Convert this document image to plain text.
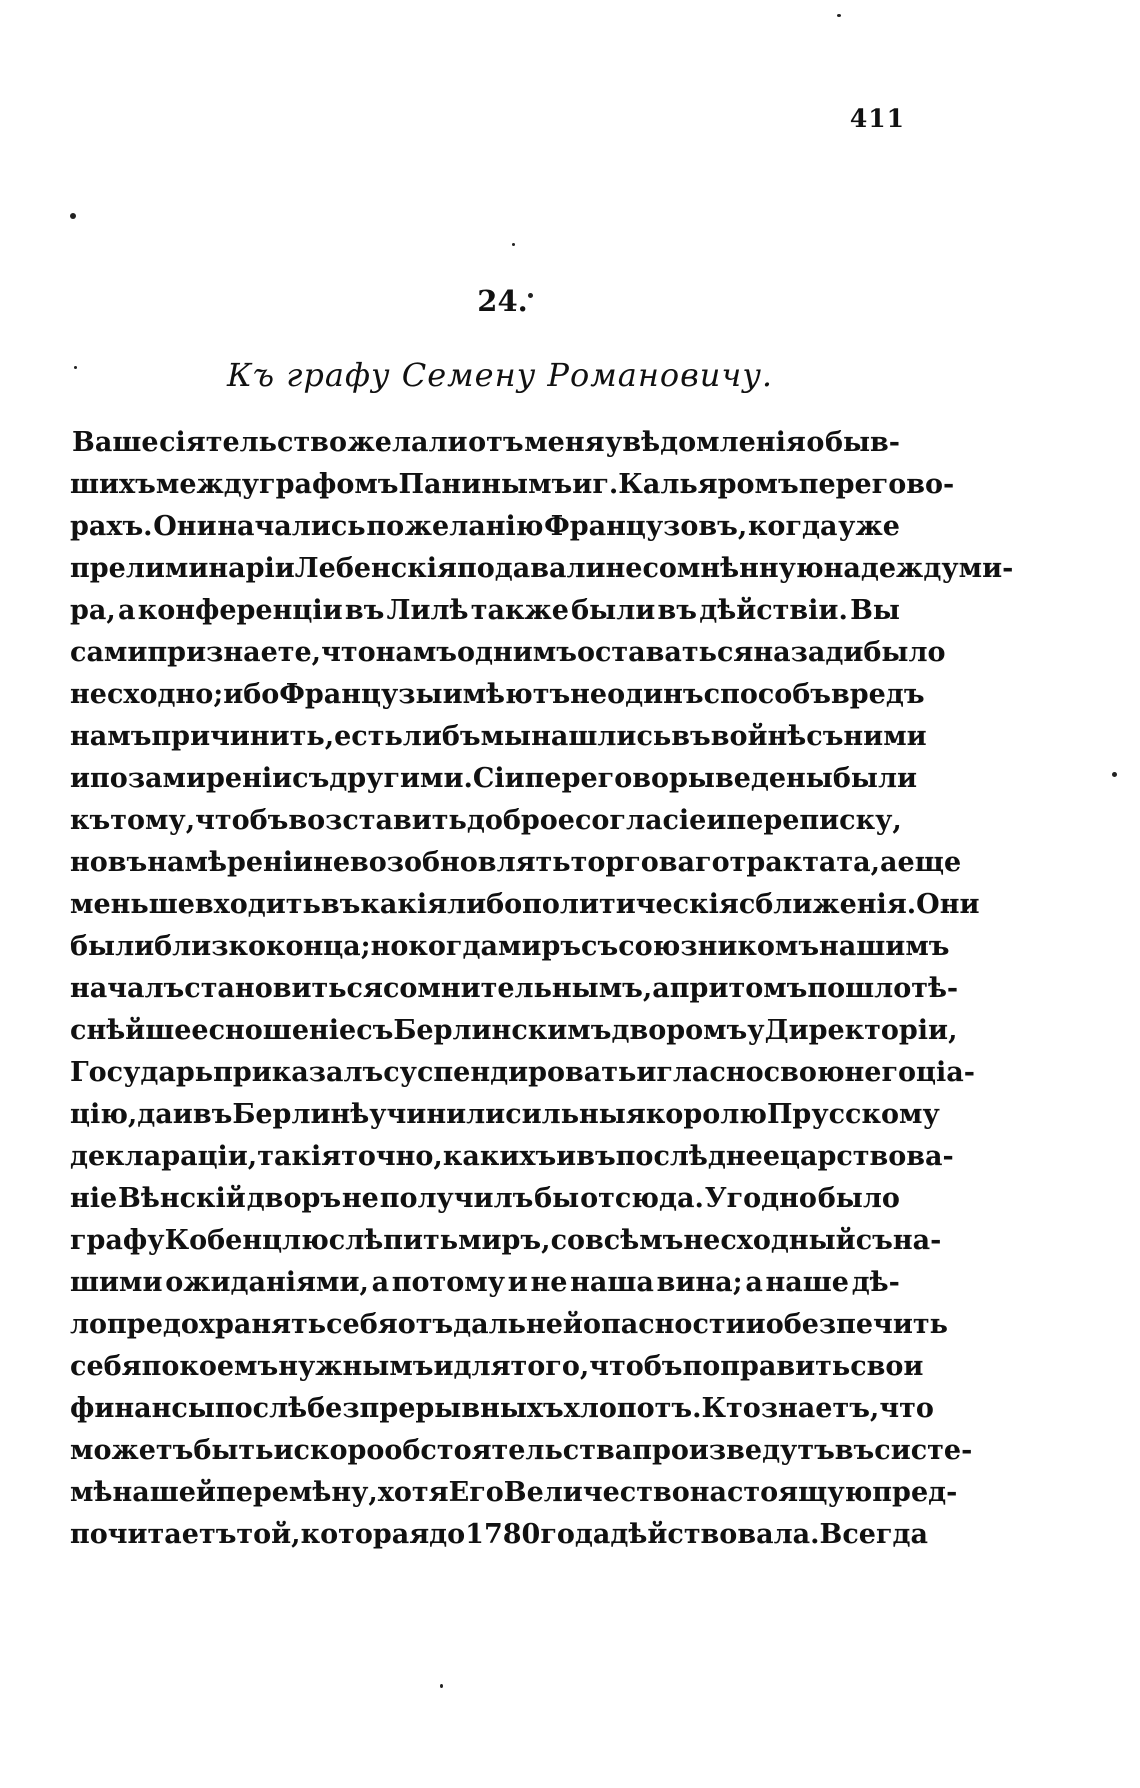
411
24.
Къ графу Семену Романовичу.
Ваше сіятельство желали отъ меня увѣдомленія о быв-
шихъ между графомъ Панинымъ и г. Кальяромъ перегово-
рахъ. Они начались по желанію Французовъ, когда уже
прелиминаріи Лебенскія подавали несомнѣнную надежду ми-
ра, а конференціи въ Лилѣ также были въ дѣйствіи. Вы
сами признаете, что намъ однимъ оставаться назади было
несходно; ибо Французы имѣютъ не одинъ способъ вредъ
намъ причинить, естьлибъ мы нашлись въ войнѣ съ ними
и по замиреніи съ другими. Сіи переговоры ведены были
къ тому, чтобъ возставить доброе согласіе и переписку,
но въ намѣреніи не возобновлять торговаго трактата, а еще
меньше входить въ какія либо политическія сближенія. Они
были близко конца; но когда миръ съ союзникомъ нашимъ
началъ становиться сомнительнымъ, а при томъ пошло тѣ-
снѣйшее сношеніе съ Берлинскимъ дворомъ у Директоріи,
Государь приказалъ суспендировать и гласно свою негоціа-
цію, да и въ Берлинѣ учинили сильныя королю Прусскому
декларацiи, такія точно, какихъ и въ послѣднее царствова-
ніе Вѣнскій дворъ не получилъ бы отсюда. Угодно было
графу Кобенцлю слѣпить миръ, совсѣмъ несходный съ на-
шими ожиданіями, а потому и не наша вина; а наше дѣ-
ло предохранять себя отъ дальней опасности и обезпечить
себя покоемъ нужнымъ и для того, чтобъ поправить свои
финансы послѣ безпрерывныхъ хлопотъ. Кто знаетъ, что
можетъ быть и скоро обстоятельства произведутъ въ систе-
мѣ нашей перемѣну, хотя Его Величество настоящую пред-
почитаетъ той, которая до 1780 года дѣйствовала. Всегда
